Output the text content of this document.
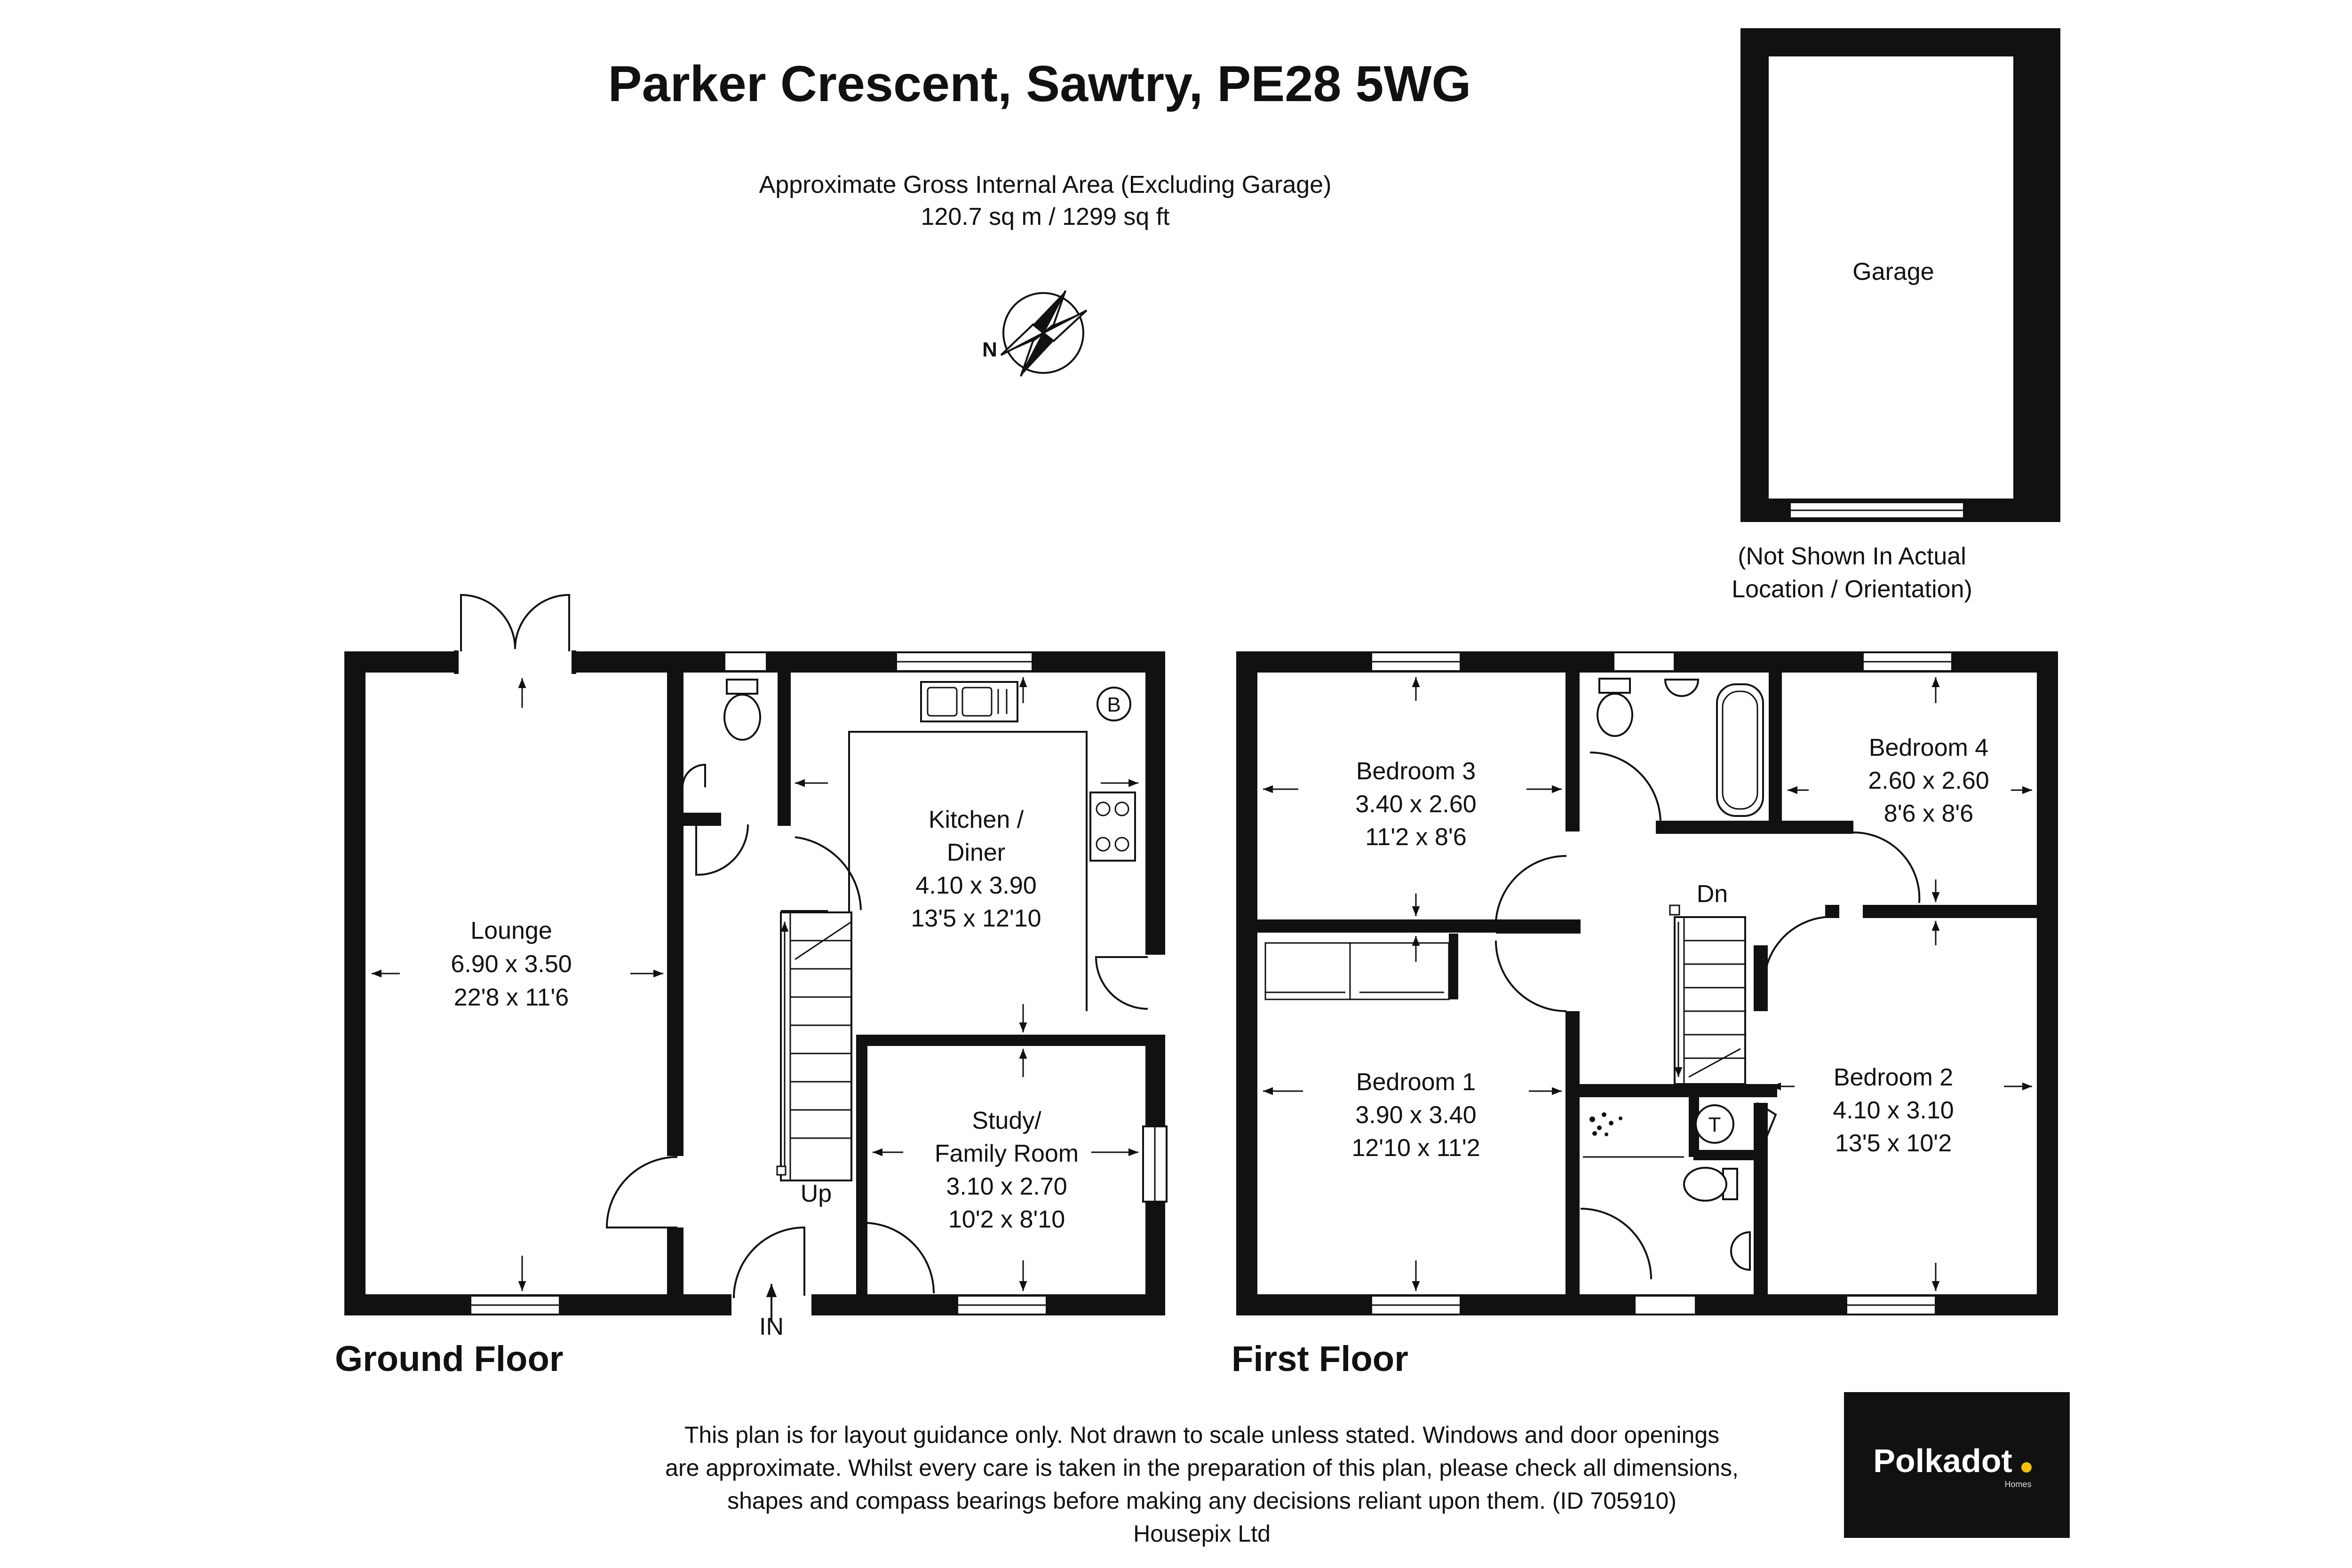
Parker Crescent, Sawtry, PE28 5WG
Approximate Gross Internal Area (Excluding Garage)
120.7 sq m / 1299 sq ft
N
Garage
(Not Shown In Actual
Location / Orientation)
Lounge
6.90 x 3.50
22'8 x 11'6
Kitchen /
Diner
4.10 x 3.90
13'5 x 12'10
Study/
Family Room
3.10 x 2.70
10'2 x 8'10
B
Up
IN
Ground Floor
Bedroom 3
3.40 x 2.60
11'2 x 8'6
Bedroom 4
2.60 x 2.60
8'6 x 8'6
Bedroom 1
3.90 x 3.40
12'10 x 11'2
Bedroom 2
4.10 x 3.10
13'5 x 10'2
T
Dn
First Floor
This plan is for layout guidance only. Not drawn to scale unless stated. Windows and door openings
are approximate. Whilst every care is taken in the preparation of this plan, please check all dimensions,
shapes and compass bearings before making any decisions reliant upon them. (ID 705910)
Housepix Ltd
Polkadot
Homes
